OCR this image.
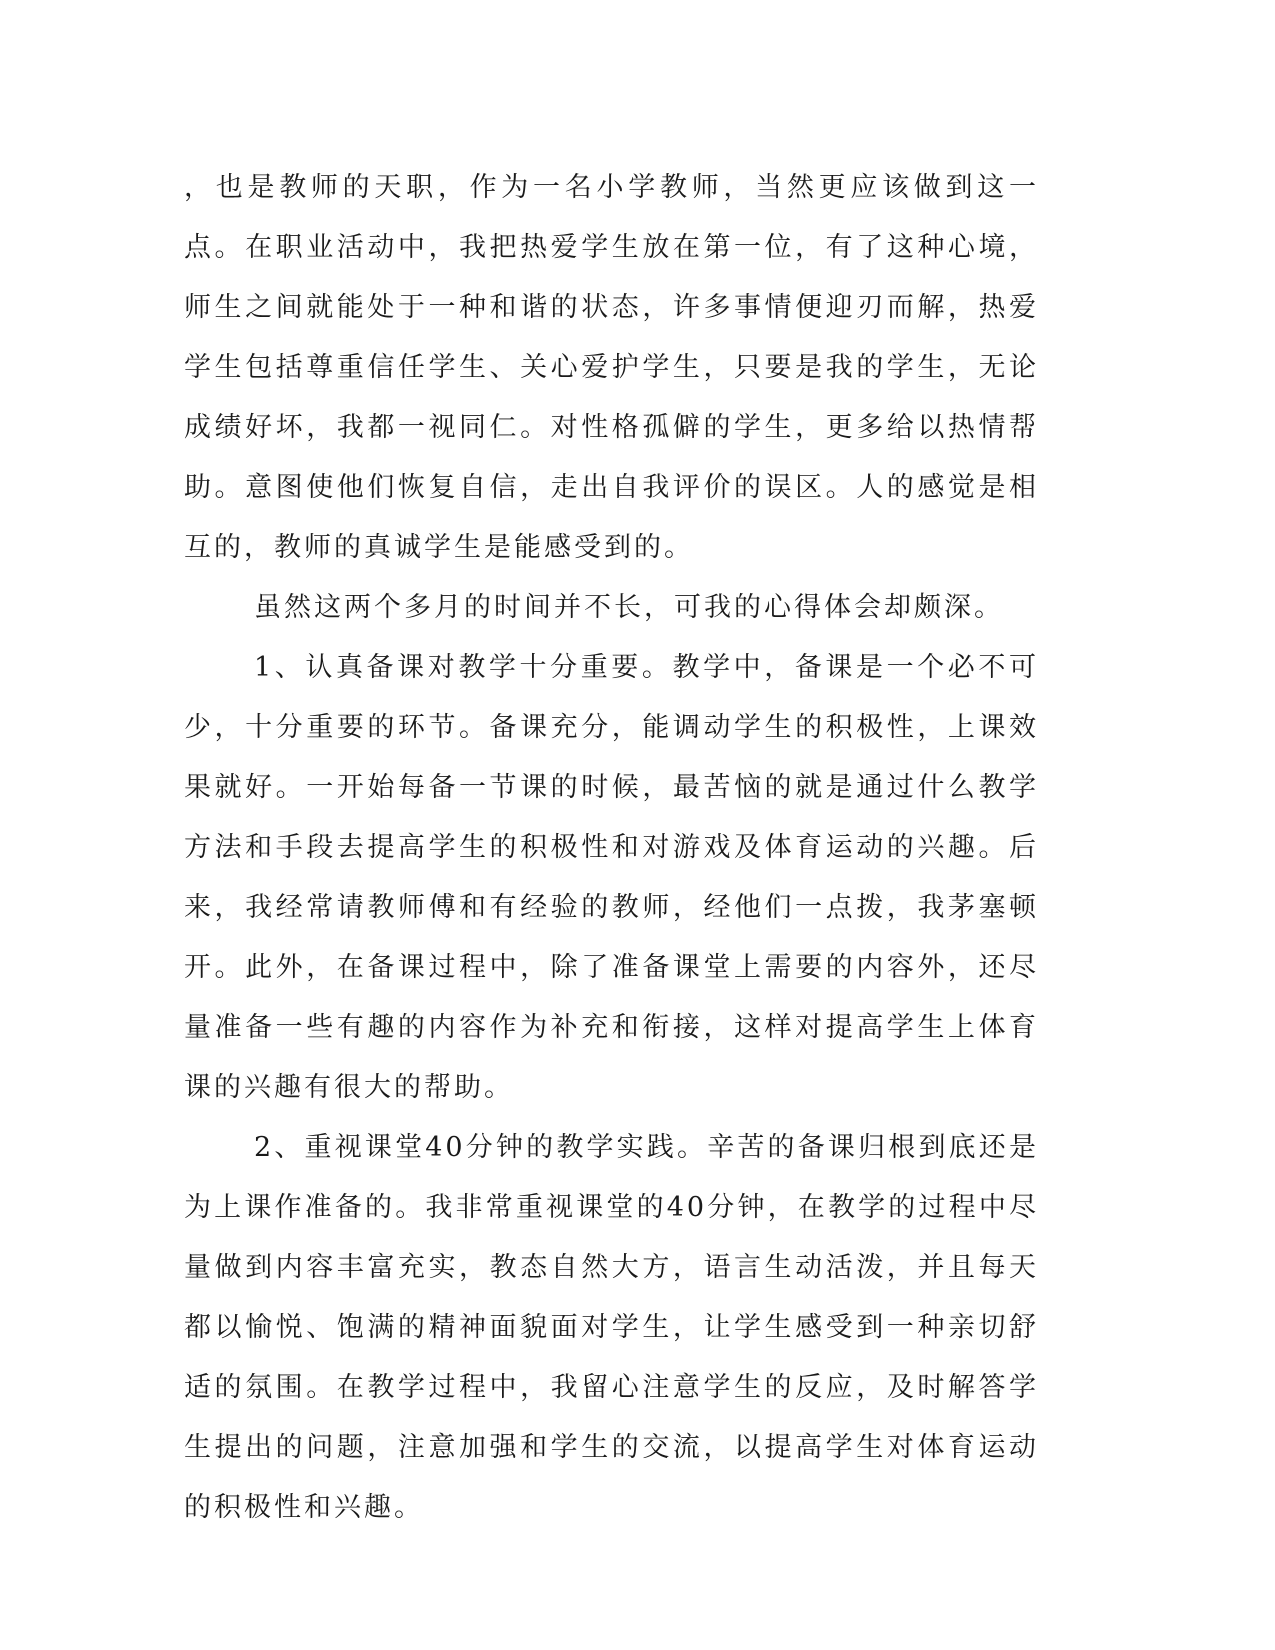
，也是教师的天职，作为一名小学教师，当然更应该做到这一点。在职业活动中，我把热爱学生放在第一位，有了这种心境，师生之间就能处于一种和谐的状态，许多事情便迎刃而解，热爱学生包括尊重信任学生、关心爱护学生，只要是我的学生，无论成绩好坏，我都一视同仁。对性格孤僻的学生，更多给以热情帮助。意图使他们恢复自信，走出自我评价的误区。人的感觉是相互的，教师的真诚学生是能感受到的。

虽然这两个多月的时间并不长，可我的心得体会却颇深。

1、认真备课对教学十分重要。教学中，备课是一个必不可少，十分重要的环节。备课充分，能调动学生的积极性，上课效果就好。一开始每备一节课的时候，最苦恼的就是通过什么教学方法和手段去提高学生的积极性和对游戏及体育运动的兴趣。后来，我经常请教师傅和有经验的教师，经他们一点拨，我茅塞顿开。此外，在备课过程中，除了准备课堂上需要的内容外，还尽量准备一些有趣的内容作为补充和衔接，这样对提高学生上体育课的兴趣有很大的帮助。

2、重视课堂40分钟的教学实践。辛苦的备课归根到底还是为上课作准备的。我非常重视课堂的40分钟，在教学的过程中尽量做到内容丰富充实，教态自然大方，语言生动活泼，并且每天都以愉悦、饱满的精神面貌面对学生，让学生感受到一种亲切舒适的氛围。在教学过程中，我留心注意学生的反应，及时解答学生提出的问题，注意加强和学生的交流，以提高学生对体育运动的积极性和兴趣。
